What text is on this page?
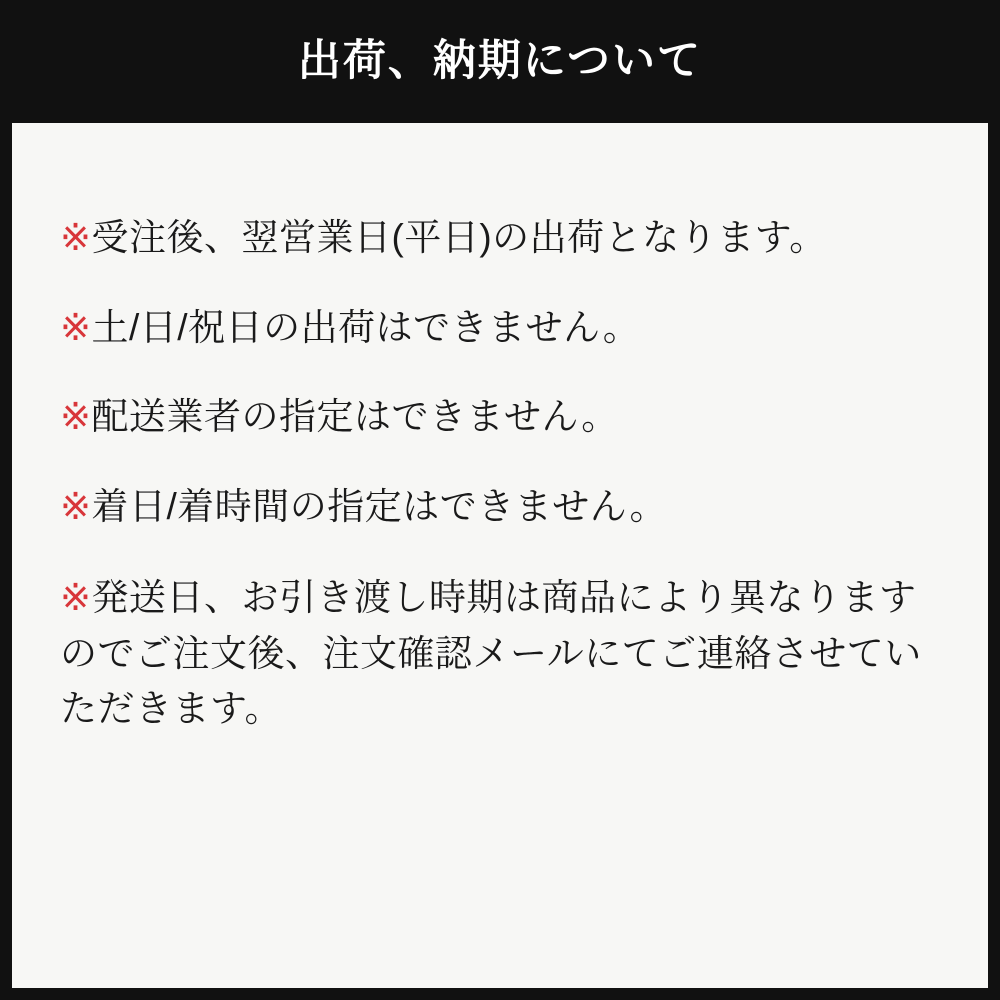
出荷、納期について

※受注後、翌営業日(平日)の出荷となります。

※土/日/祝日の出荷はできません。

※配送業者の指定はできません。

※着日/着時間の指定はできません。

※発送日、お引き渡し時期は商品により異なりますのでご注文後、注文確認メールにてご連絡させていただきます。
